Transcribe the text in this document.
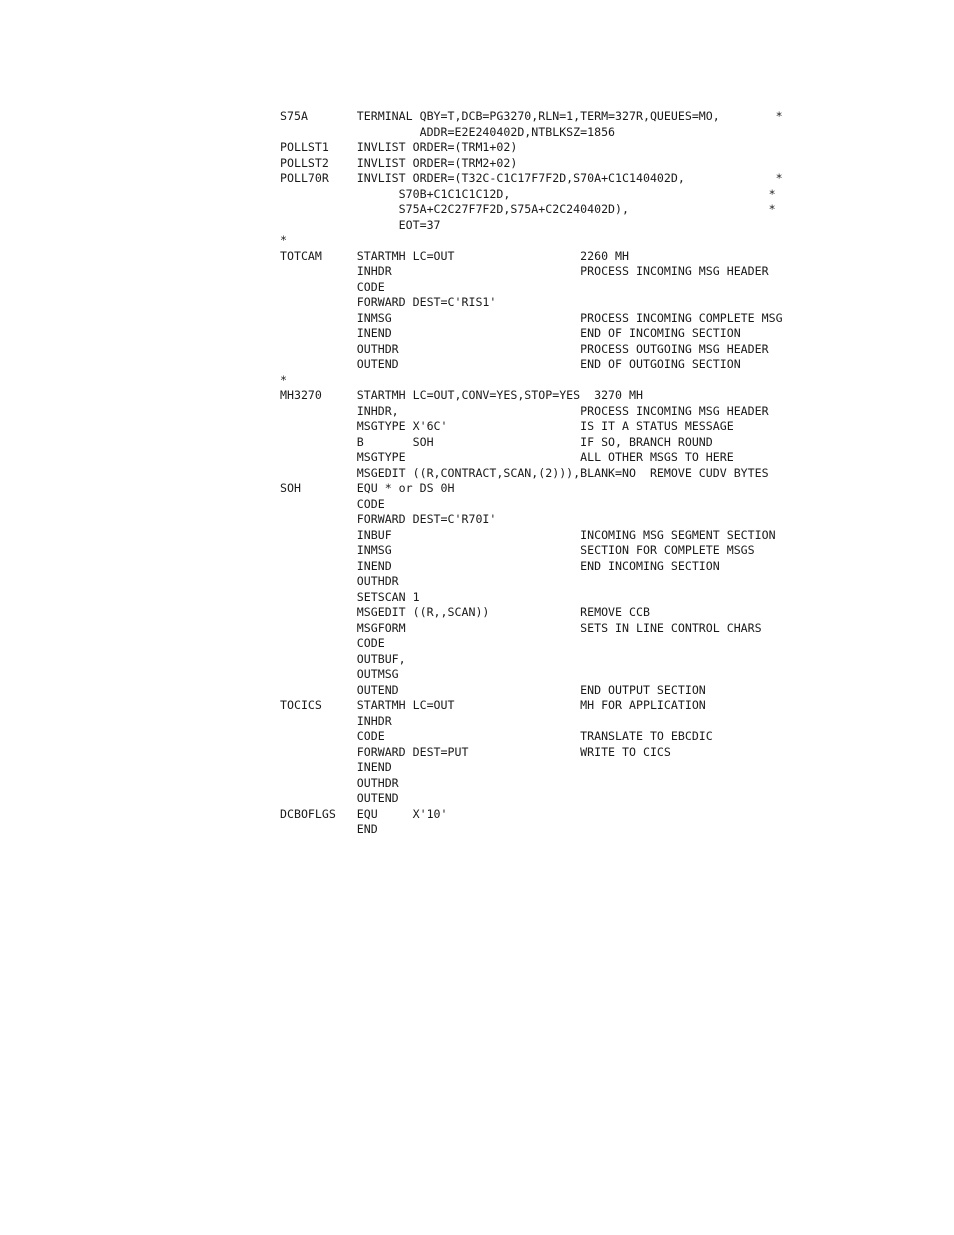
S75A       TERMINAL QBY=T,DCB=PG3270,RLN=1,TERM=327R,QUEUES=MO,        *
ADDR=E2E240402D,NTBLKSZ=1856
POLLST1    INVLIST ORDER=(TRM1+02)
POLLST2    INVLIST ORDER=(TRM2+02)
POLL70R    INVLIST ORDER=(T32C-C1C17F7F2D,S70A+C1C140402D,             *
S70B+C1C1C1C12D,                                     *
S75A+C2C27F7F2D,S75A+C2C240402D),                    *
EOT=37
*
TOTCAM     STARTMH LC=OUT                  2260 MH
INHDR                           PROCESS INCOMING MSG HEADER
CODE
FORWARD DEST=C'RIS1'
INMSG                           PROCESS INCOMING COMPLETE MSG
INEND                           END OF INCOMING SECTION
OUTHDR                          PROCESS OUTGOING MSG HEADER
OUTEND                          END OF OUTGOING SECTION
*
MH3270     STARTMH LC=OUT,CONV=YES,STOP=YES  3270 MH
INHDR,                          PROCESS INCOMING MSG HEADER
MSGTYPE X'6C'                   IS IT A STATUS MESSAGE
B       SOH                     IF SO, BRANCH ROUND
MSGTYPE                         ALL OTHER MSGS TO HERE
MSGEDIT ((R,CONTRACT,SCAN,(2))),BLANK=NO  REMOVE CUDV BYTES
SOH        EQU * or DS 0H
CODE
FORWARD DEST=C'R70I'
INBUF                           INCOMING MSG SEGMENT SECTION
INMSG                           SECTION FOR COMPLETE MSGS
INEND                           END INCOMING SECTION
OUTHDR
SETSCAN 1
MSGEDIT ((R,,SCAN))             REMOVE CCB
MSGFORM                         SETS IN LINE CONTROL CHARS
CODE
OUTBUF,
OUTMSG
OUTEND                          END OUTPUT SECTION
TOCICS     STARTMH LC=OUT                  MH FOR APPLICATION
INHDR
CODE                            TRANSLATE TO EBCDIC
FORWARD DEST=PUT                WRITE TO CICS
INEND
OUTHDR
OUTEND
DCBOFLGS   EQU     X'10'
END
